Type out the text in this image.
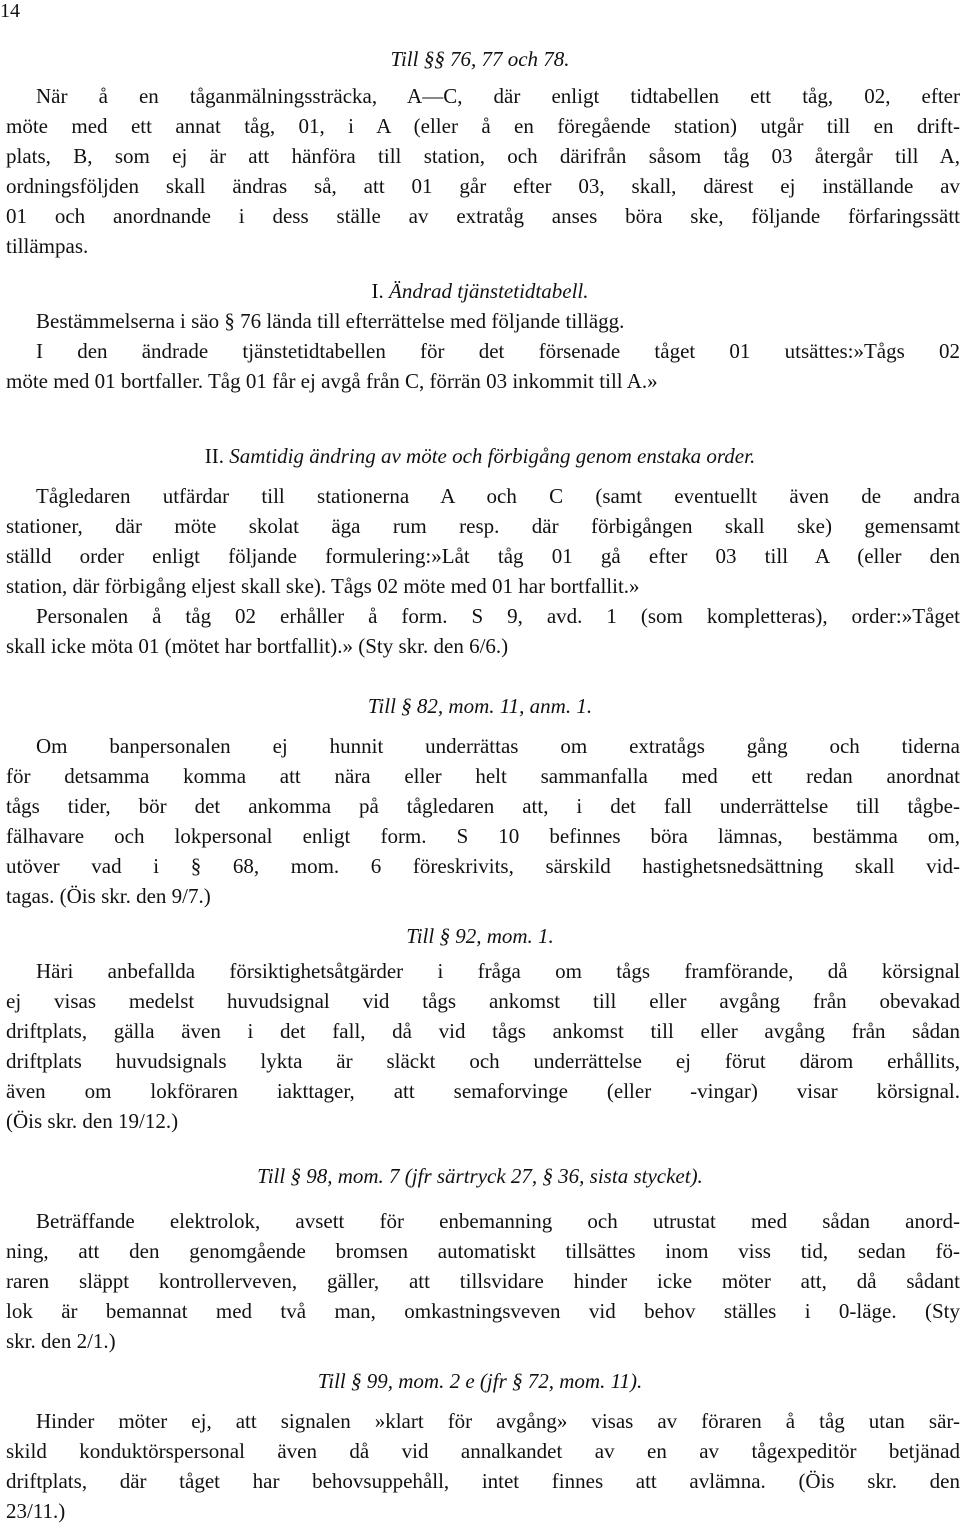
14
Till §§ 76, 77 och 78.
När å en tåganmälningssträcka, A—C, där enligt tidtabellen ett tåg, 02, efter
möte med ett annat tåg, 01, i A (eller å en föregående station) utgår till en drift-
plats, B, som ej är att hänföra till station, och därifrån såsom tåg 03 återgår till A,
ordningsföljden skall ändras så, att 01 går efter 03, skall, därest ej inställande av
01 och anordnande i dess ställe av extratåg anses böra ske, följande förfaringssätt
tillämpas.
I. Ändrad tjänstetidtabell.
Bestämmelserna i säo § 76 lända till efterrättelse med följande tillägg.
I den ändrade tjänstetidtabellen för det försenade tåget 01 utsättes:»Tågs 02
möte med 01 bortfaller. Tåg 01 får ej avgå från C, förrän 03 inkommit till A.»
II. Samtidig ändring av möte och förbigång genom enstaka order.
Tågledaren utfärdar till stationerna A och C (samt eventuellt även de andra
stationer, där möte skolat äga rum resp. där förbigången skall ske) gemensamt
ställd order enligt följande formulering:»Låt tåg 01 gå efter 03 till A (eller den
station, där förbigång eljest skall ske). Tågs 02 möte med 01 har bortfallit.»
Personalen å tåg 02 erhåller å form. S 9, avd. 1 (som kompletteras), order:»Tåget
skall icke möta 01 (mötet har bortfallit).» (Sty skr. den 6/6.)
Till § 82, mom. 11, anm. 1.
Om banpersonalen ej hunnit underrättas om extratågs gång och tiderna
för detsamma komma att nära eller helt sammanfalla med ett redan anordnat
tågs tider, bör det ankomma på tågledaren att, i det fall underrättelse till tågbe-
fälhavare och lokpersonal enligt form. S 10 befinnes böra lämnas, bestämma om,
utöver vad i § 68, mom. 6 föreskrivits, särskild hastighetsnedsättning skall vid-
tagas. (Öis skr. den 9/7.)
Till § 92, mom. 1.
Häri anbefallda försiktighetsåtgärder i fråga om tågs framförande, då körsignal
ej visas medelst huvudsignal vid tågs ankomst till eller avgång från obevakad
driftplats, gälla även i det fall, då vid tågs ankomst till eller avgång från sådan
driftplats huvudsignals lykta är släckt och underrättelse ej förut därom erhållits,
även om lokföraren iakttager, att semaforvinge (eller -vingar) visar körsignal.
(Öis skr. den 19/12.)
Till § 98, mom. 7 (jfr särtryck 27, § 36, sista stycket).
Beträffande elektrolok, avsett för enbemanning och utrustat med sådan anord-
ning, att den genomgående bromsen automatiskt tillsättes inom viss tid, sedan fö-
raren släppt kontrollerveven, gäller, att tillsvidare hinder icke möter att, då sådant
lok är bemannat med två man, omkastningsveven vid behov ställes i 0-läge. (Sty
skr. den 2/1.)
Till § 99, mom. 2 e (jfr § 72, mom. 11).
Hinder möter ej, att signalen »klart för avgång» visas av föraren å tåg utan sär-
skild konduktörspersonal även då vid annalkandet av en av tågexpeditör betjänad
driftplats, där tåget har behovsuppehåll, intet finnes att avlämna. (Öis skr. den
23/11.)
